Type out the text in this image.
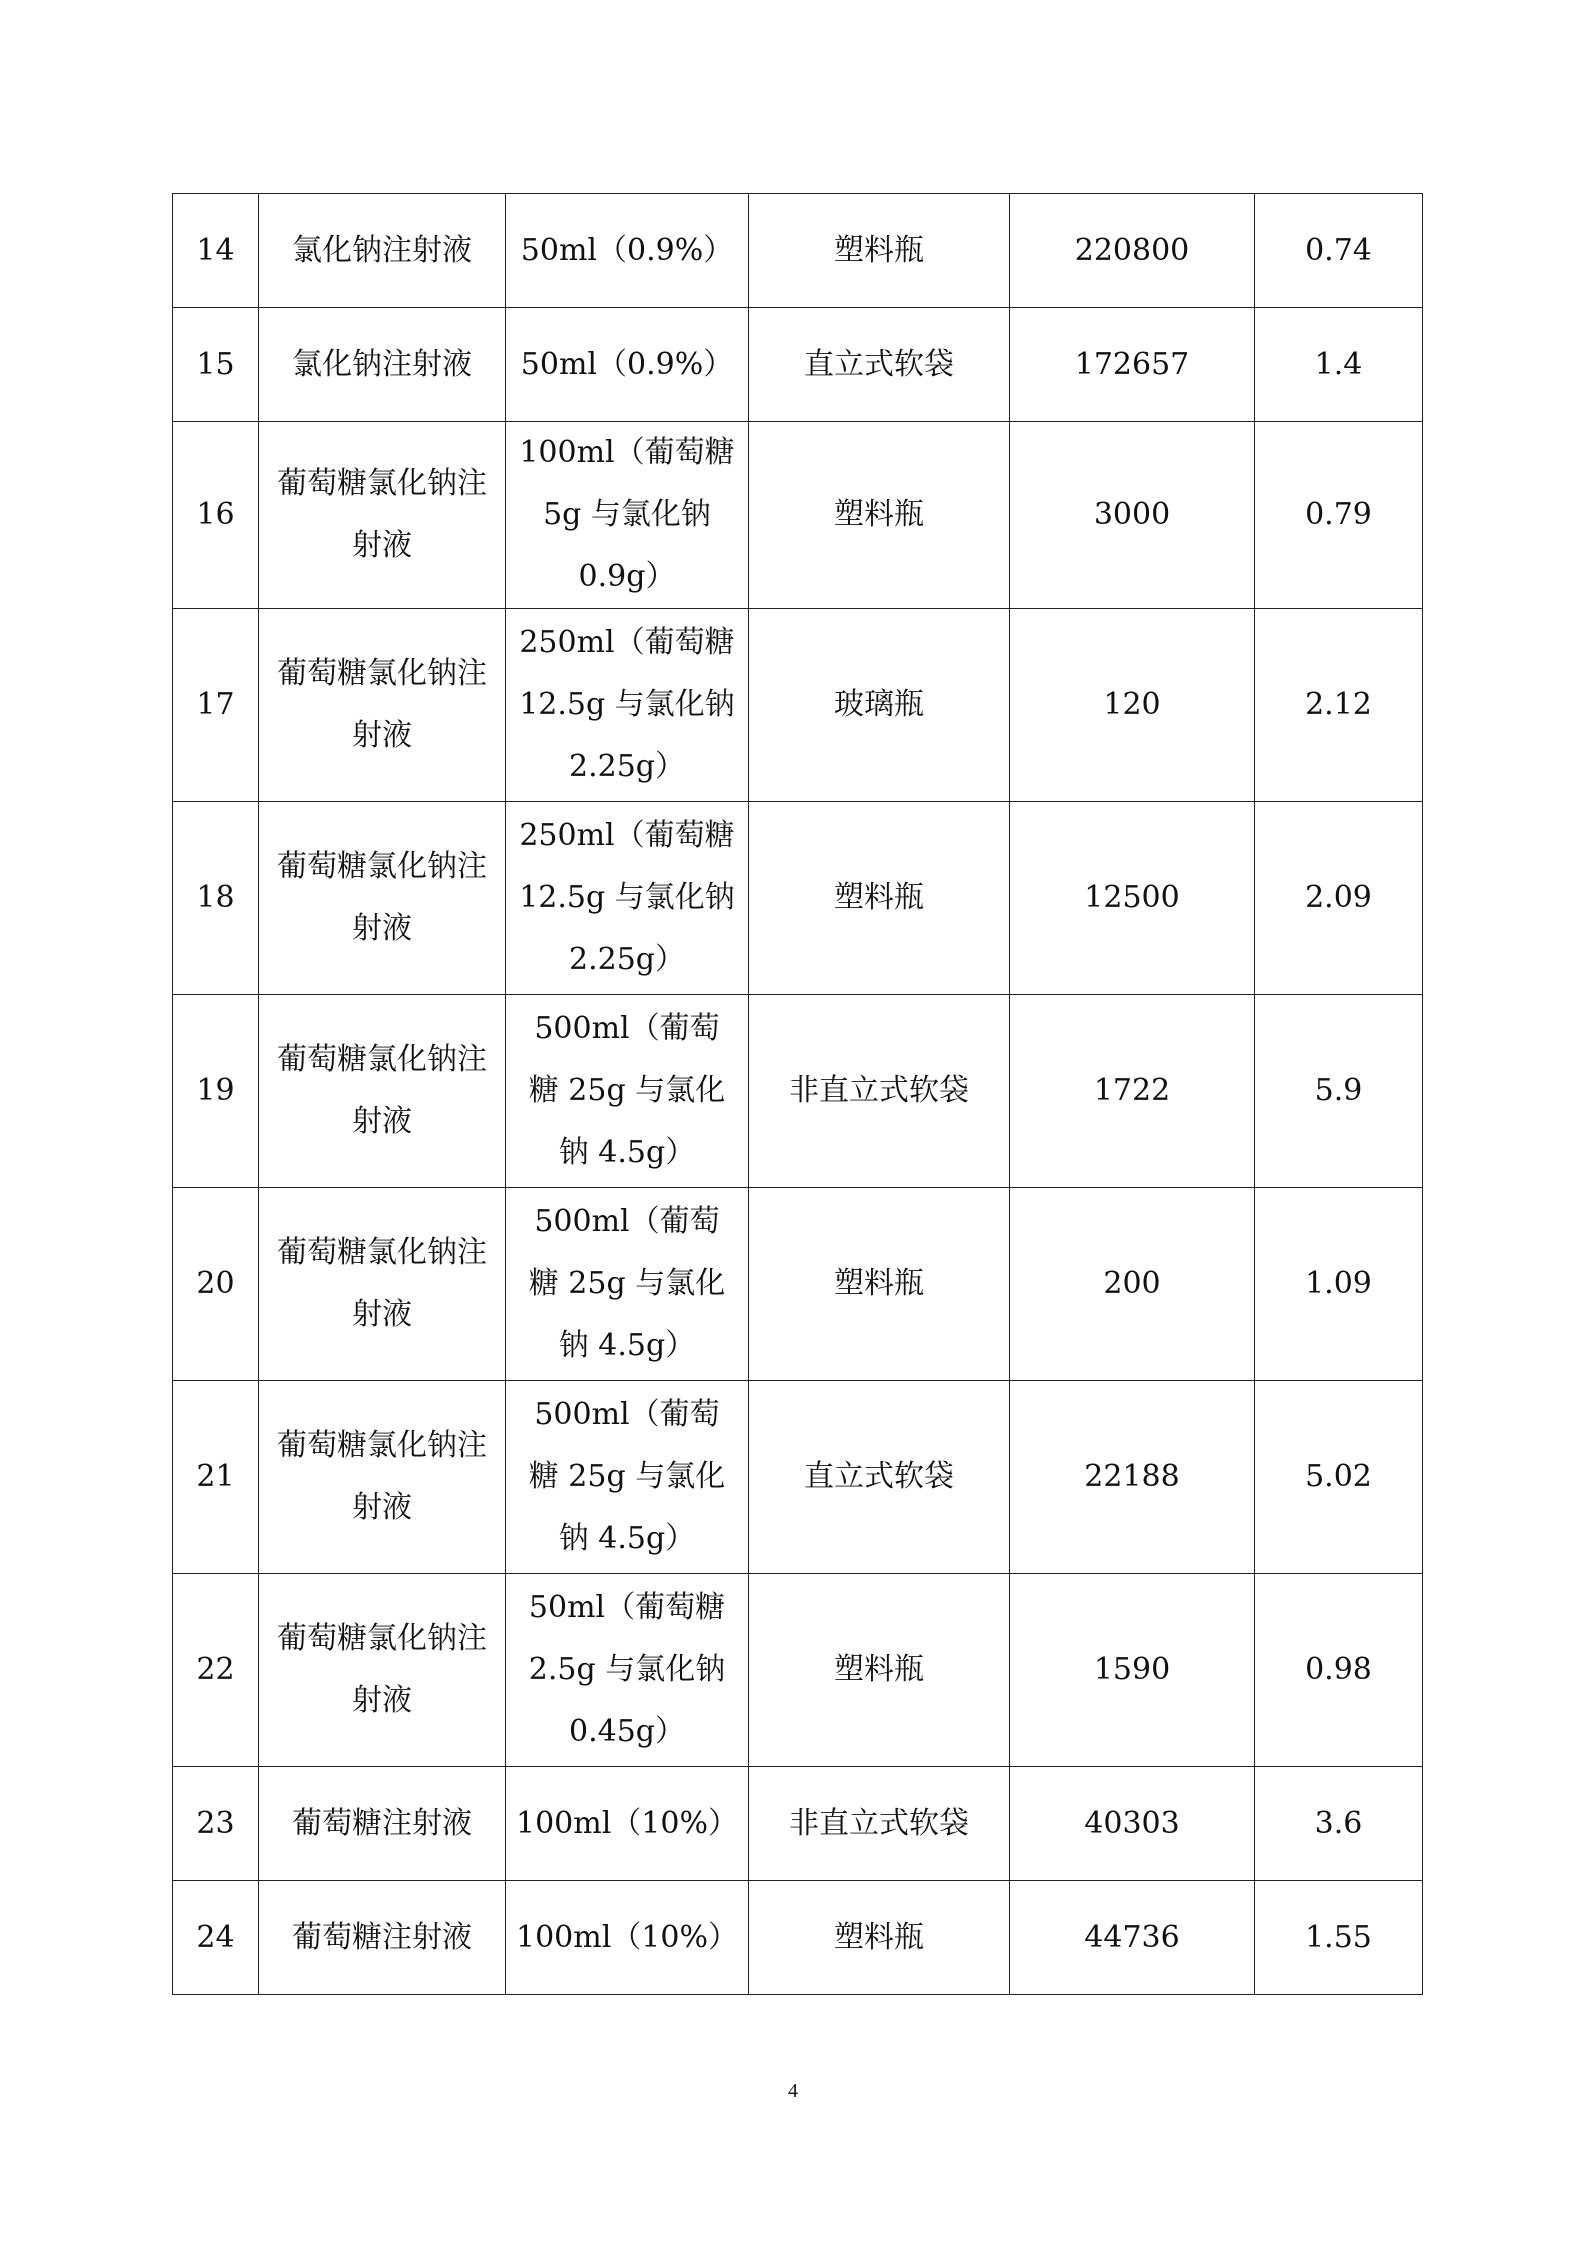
14	氯化钠注射液	50ml（0.9%）	塑料瓶	220800	0.74
15	氯化钠注射液	50ml（0.9%）	直立式软袋	172657	1.4
16	葡萄糖氯化钠注射液	100ml（葡萄糖 5g 与氯化钠 0.9g）	塑料瓶	3000	0.79
17	葡萄糖氯化钠注射液	250ml（葡萄糖 12.5g 与氯化钠 2.25g）	玻璃瓶	120	2.12
18	葡萄糖氯化钠注射液	250ml（葡萄糖 12.5g 与氯化钠 2.25g）	塑料瓶	12500	2.09
19	葡萄糖氯化钠注射液	500ml（葡萄糖 25g 与氯化钠 4.5g）	非直立式软袋	1722	5.9
20	葡萄糖氯化钠注射液	500ml（葡萄糖 25g 与氯化钠 4.5g）	塑料瓶	200	1.09
21	葡萄糖氯化钠注射液	500ml（葡萄糖 25g 与氯化钠 4.5g）	直立式软袋	22188	5.02
22	葡萄糖氯化钠注射液	50ml（葡萄糖 2.5g 与氯化钠 0.45g）	塑料瓶	1590	0.98
23	葡萄糖注射液	100ml（10%）	非直立式软袋	40303	3.6
24	葡萄糖注射液	100ml（10%）	塑料瓶	44736	1.55
4
